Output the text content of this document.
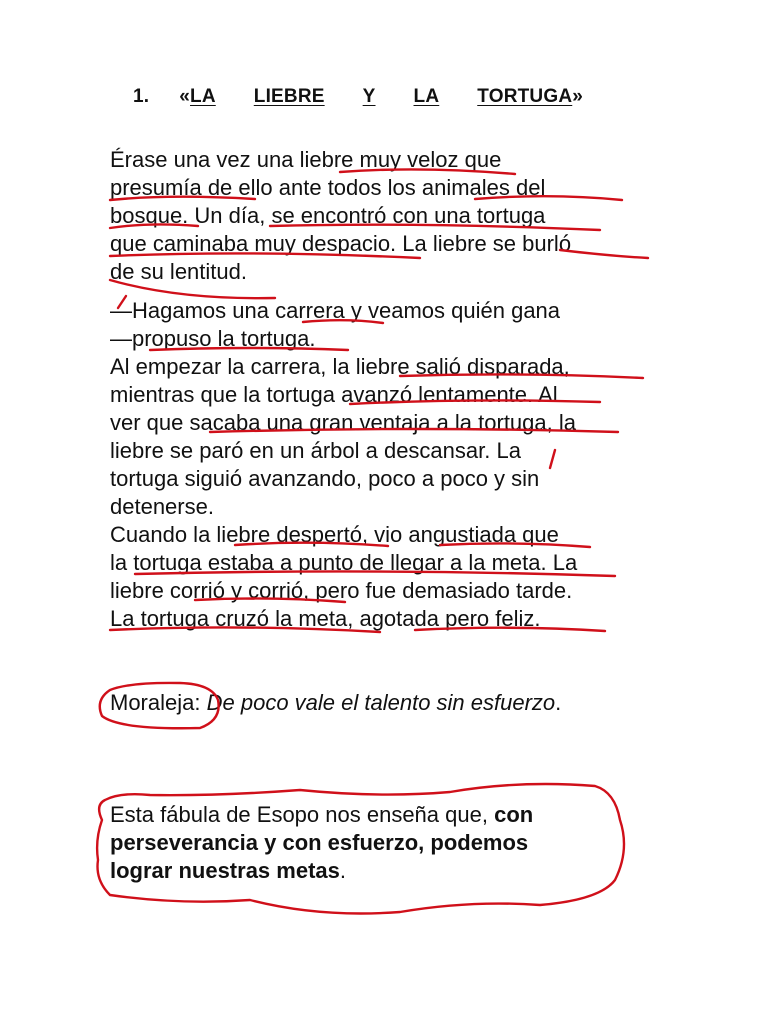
1. «LA LIEBRE Y LA TORTUGA»
Érase una vez una liebre muy veloz que
presumía de ello ante todos los animales del
bosque. Un día, se encontró con una tortuga
que caminaba muy despacio. La liebre se burló
de su lentitud.
—Hagamos una carrera y veamos quién gana
—propuso la tortuga.
Al empezar la carrera, la liebre salió disparada,
mientras que la tortuga avanzó lentamente. Al
ver que sacaba una gran ventaja a la tortuga, la
liebre se paró en un árbol a descansar. La
tortuga siguió avanzando, poco a poco y sin
detenerse.
Cuando la liebre despertó, vio angustiada que
la tortuga estaba a punto de llegar a la meta. La
liebre corrió y corrió, pero fue demasiado tarde.
La tortuga cruzó la meta, agotada pero feliz.
Moraleja: De poco vale el talento sin esfuerzo.
Esta fábula de Esopo nos enseña que, con
perseverancia y con esfuerzo, podemos
lograr nuestras metas.
